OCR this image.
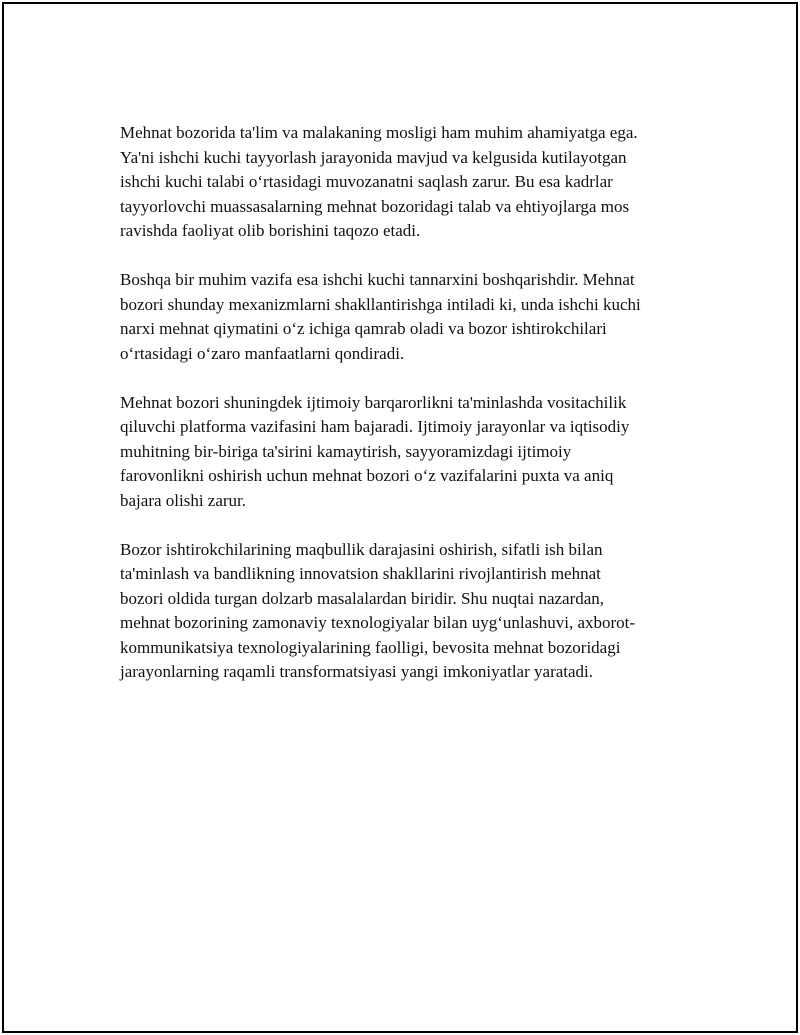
Mehnat bozorida ta'lim va malakaning mosligi ham muhim ahamiyatga ega.
Ya'ni ishchi kuchi tayyorlash jarayonida mavjud va kelgusida kutilayotgan
ishchi kuchi talabi o‘rtasidagi muvozanatni saqlash zarur. Bu esa kadrlar
tayyorlovchi muassasalarning mehnat bozoridagi talab va ehtiyojlarga mos
ravishda faoliyat olib borishini taqozo etadi.

Boshqa bir muhim vazifa esa ishchi kuchi tannarxini boshqarishdir. Mehnat
bozori shunday mexanizmlarni shakllantirishga intiladi ki, unda ishchi kuchi
narxi mehnat qiymatini o‘z ichiga qamrab oladi va bozor ishtirokchilari
o‘rtasidagi o‘zaro manfaatlarni qondiradi.

Mehnat bozori shuningdek ijtimoiy barqarorlikni ta'minlashda vositachilik
qiluvchi platforma vazifasini ham bajaradi. Ijtimoiy jarayonlar va iqtisodiy
muhitning bir-biriga ta'sirini kamaytirish, sayyoramizdagi ijtimoiy
farovonlikni oshirish uchun mehnat bozori o‘z vazifalarini puxta va aniq
bajara olishi zarur.

Bozor ishtirokchilarining maqbullik darajasini oshirish, sifatli ish bilan
ta'minlash va bandlikning innovatsion shakllarini rivojlantirish mehnat
bozori oldida turgan dolzarb masalalardan biridir. Shu nuqtai nazardan,
mehnat bozorining zamonaviy texnologiyalar bilan uyg‘unlashuvi, axborot-
kommunikatsiya texnologiyalarining faolligi, bevosita mehnat bozoridagi
jarayonlarning raqamli transformatsiyasi yangi imkoniyatlar yaratadi.
